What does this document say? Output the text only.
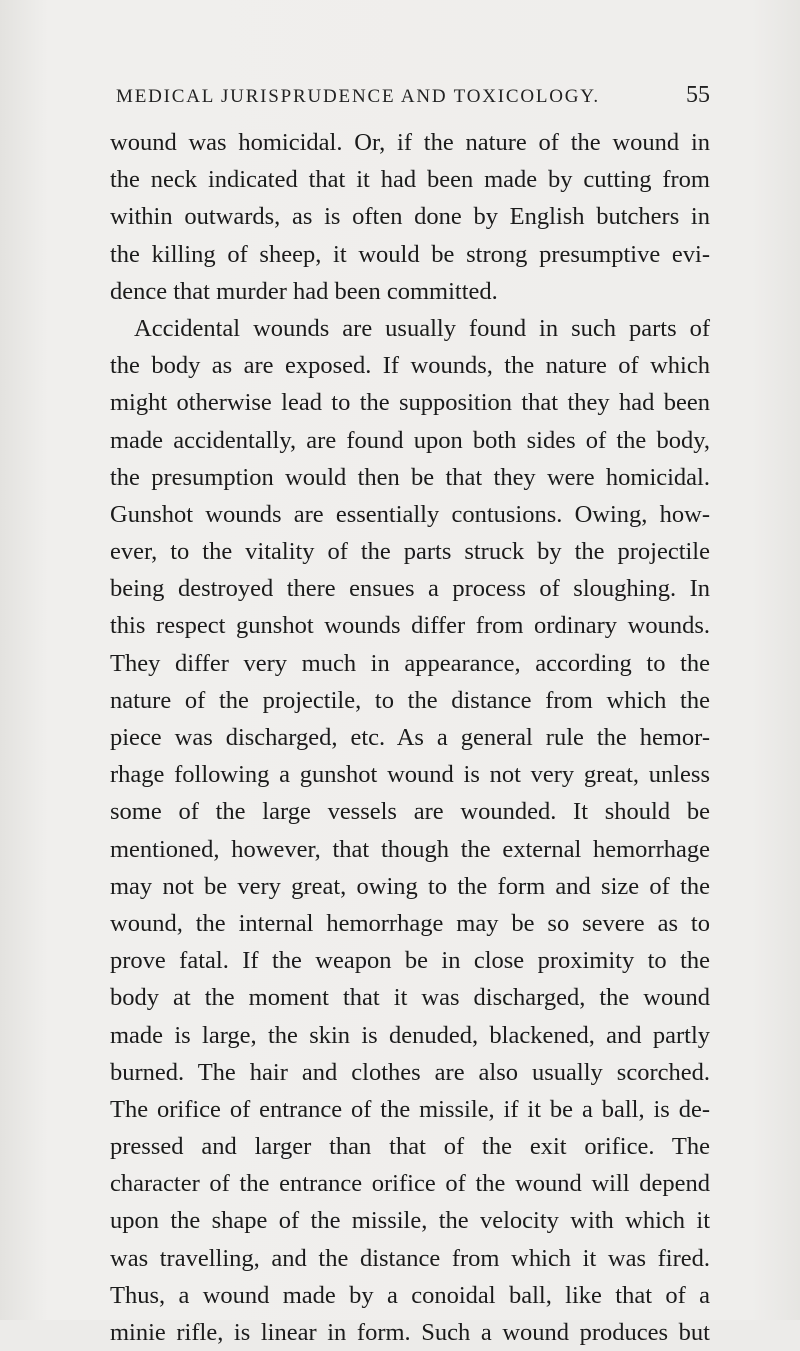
MEDICAL JURISPRUDENCE AND TOXICOLOGY.	55
wound was homicidal. Or, if the nature of the wound in
the neck indicated that it had been made by cutting from
within outwards, as is often done by English butchers in
the killing of sheep, it would be strong presumptive evi-
dence that murder had been committed.
Accidental wounds are usually found in such parts of
the body as are exposed. If wounds, the nature of which
might otherwise lead to the supposition that they had been
made accidentally, are found upon both sides of the body,
the presumption would then be that they were homicidal.
Gunshot wounds are essentially contusions. Owing, how-
ever, to the vitality of the parts struck by the projectile
being destroyed there ensues a process of sloughing. In
this respect gunshot wounds differ from ordinary wounds.
They differ very much in appearance, according to the
nature of the projectile, to the distance from which the
piece was discharged, etc. As a general rule the hemor-
rhage following a gunshot wound is not very great, unless
some of the large vessels are wounded. It should be
mentioned, however, that though the external hemorrhage
may not be very great, owing to the form and size of the
wound, the internal hemorrhage may be so severe as to
prove fatal. If the weapon be in close proximity to the
body at the moment that it was discharged, the wound
made is large, the skin is denuded, blackened, and partly
burned. The hair and clothes are also usually scorched.
The orifice of entrance of the missile, if it be a ball, is de-
pressed and larger than that of the exit orifice. The
character of the entrance orifice of the wound will depend
upon the shape of the missile, the velocity with which it
was travelling, and the distance from which it was fired.
Thus, a wound made by a conoidal ball, like that of a
minie rifle, is linear in form. Such a wound produces but
